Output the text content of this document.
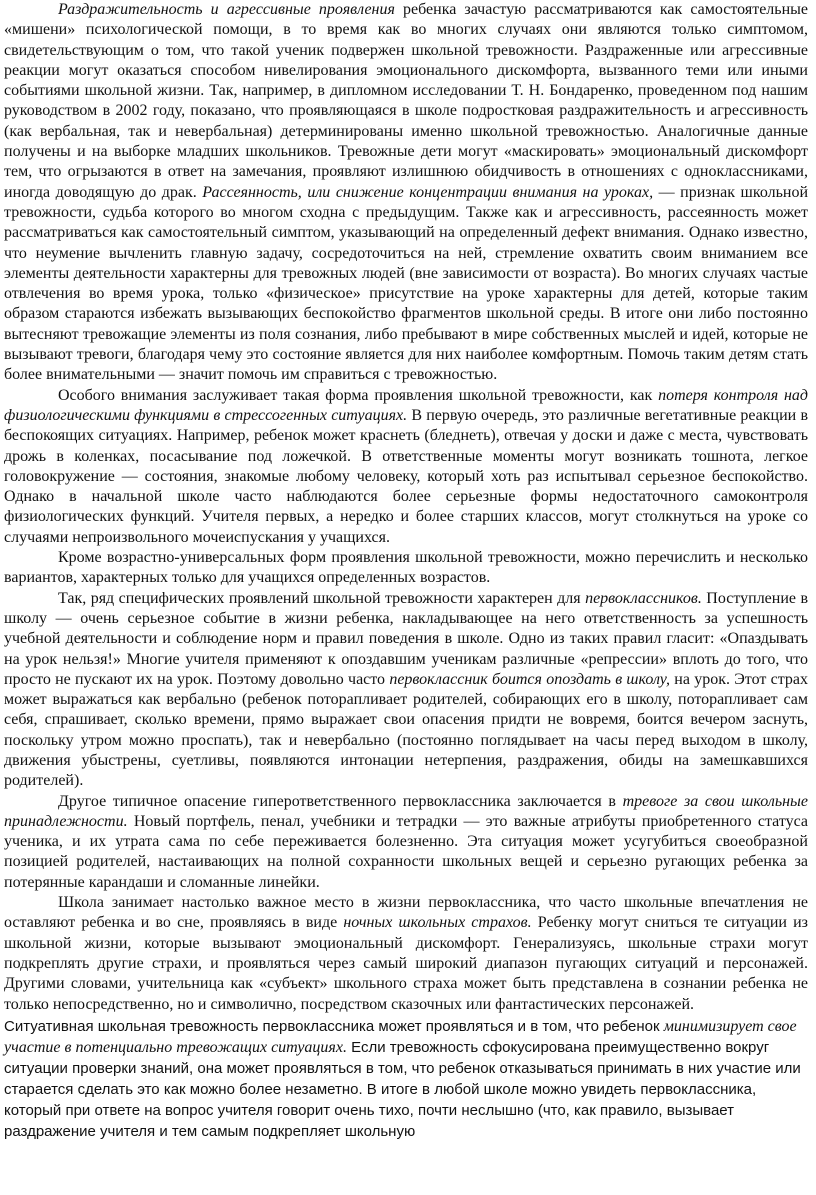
Раздражительность и агрессивные проявления ребенка зачастую рассматриваются как самостоятельные «мишени» психологической помощи, в то время как во многих случаях они являются только симптомом, свидетельствующим о том, что такой ученик подвержен школьной тревожности. Раздраженные или агрессивные реакции могут оказаться способом нивелирования эмоционального дискомфорта, вызванного теми или иными событиями школьной жизни. Так, например, в дипломном исследовании Т. Н. Бондаренко, проведенном под нашим руководством в 2002 году, показано, что проявляющаяся в школе подростковая раздражительность и агрессивность (как вербальная, так и невербальная) детерминированы именно школьной тревожностью. Аналогичные данные получены и на выборке младших школьников. Тревожные дети могут «маскировать» эмоциональный дискомфорт тем, что огрызаются в ответ на замечания, проявляют излишнюю обидчивость в отношениях с одноклассниками, иногда доводящую до драк. Рассеянность, или снижение концентрации внимания на уроках, — признак школьной тревожности, судьба которого во многом сходна с предыдущим. Также как и агрессивность, рассеянность может рассматриваться как самостоятельный симптом, указывающий на определенный дефект внимания. Однако известно, что неумение вычленить главную задачу, сосредоточиться на ней, стремление охватить своим вниманием все элементы деятельности характерны для тревожных людей (вне зависимости от возраста). Во многих случаях частые отвлечения во время урока, только «физическое» присутствие на уроке характерны для детей, которые таким образом стараются избежать вызывающих беспокойство фрагментов школьной среды. В итоге они либо постоянно вытесняют тревожащие элементы из поля сознания, либо пребывают в мире собственных мыслей и идей, которые не вызывают тревоги, благодаря чему это состояние является для них наиболее комфортным. Помочь таким детям стать более внимательными — значит помочь им справиться с тревожностью.

Особого внимания заслуживает такая форма проявления школьной тревожности, как потеря контроля над физиологическими функциями в стрессогенных ситуациях. В первую очередь, это различные вегетативные реакции в беспокоящих ситуациях. Например, ребенок может краснеть (бледнеть), отвечая у доски и даже с места, чувствовать дрожь в коленках, посасывание под ложечкой. В ответственные моменты могут возникать тошнота, легкое головокружение — состояния, знакомые любому человеку, который хоть раз испытывал серьезное беспокойство. Однако в начальной школе часто наблюдаются более серьезные формы недостаточного самоконтроля физиологических функций. Учителя первых, а нередко и более старших классов, могут столкнуться на уроке со случаями непроизвольного мочеиспускания у учащихся.

Кроме возрастно-универсальных форм проявления школьной тревожности, можно перечислить и несколько вариантов, характерных только для учащихся определенных возрастов.

Так, ряд специфических проявлений школьной тревожности характерен для первоклассников. Поступление в школу — очень серьезное событие в жизни ребенка, накладывающее на него ответственность за успешность учебной деятельности и соблюдение норм и правил поведения в школе. Одно из таких правил гласит: «Опаздывать на урок нельзя!» Многие учителя применяют к опоздавшим ученикам различные «репрессии» вплоть до того, что просто не пускают их на урок. Поэтому довольно часто первоклассник боится опоздать в школу, на урок. Этот страх может выражаться как вербально (ребенок поторапливает родителей, собирающих его в школу, поторапливает сам себя, спрашивает, сколько времени, прямо выражает свои опасения придти не вовремя, боится вечером заснуть, поскольку утром можно проспать), так и невербально (постоянно поглядывает на часы перед выходом в школу, движения убыстрены, суетливы, появляются интонации нетерпения, раздражения, обиды на замешкавшихся родителей).

Другое типичное опасение гиперответственного первоклассника заключается в тревоге за свои школьные принадлежности. Новый портфель, пенал, учебники и тетрадки — это важные атрибуты приобретенного статуса ученика, и их утрата сама по себе переживается болезненно. Эта ситуация может усугубиться своеобразной позицией родителей, настаивающих на полной сохранности школьных вещей и серьезно ругающих ребенка за потерянные карандаши и сломанные линейки.

Школа занимает настолько важное место в жизни первоклассника, что часто школьные впечатления не оставляют ребенка и во сне, проявляясь в виде ночных школьных страхов. Ребенку могут сниться те ситуации из школьной жизни, которые вызывают эмоциональный дискомфорт. Генерализуясь, школьные страхи могут подкреплять другие страхи, и проявляться через самый широкий диапазон пугающих ситуаций и персонажей. Другими словами, учительница как «субъект» школьного страха может быть представлена в сознании ребенка не только непосредственно, но и символично, посредством сказочных или фантастических персонажей.

Ситуативная школьная тревожность первоклассника может проявляться и в том, что ребенок минимизирует свое участие в потенциально тревожащих ситуациях. Если тревожность сфокусирована преимущественно вокруг ситуации проверки знаний, она может проявляться в том, что ребенок отказываться принимать в них участие или старается сделать это как можно более незаметно. В итоге в любой школе можно увидеть первоклассника, который при ответе на вопрос учителя говорит очень тихо, почти неслышно (что, как правило, вызывает раздражение учителя и тем самым подкрепляет школьную
